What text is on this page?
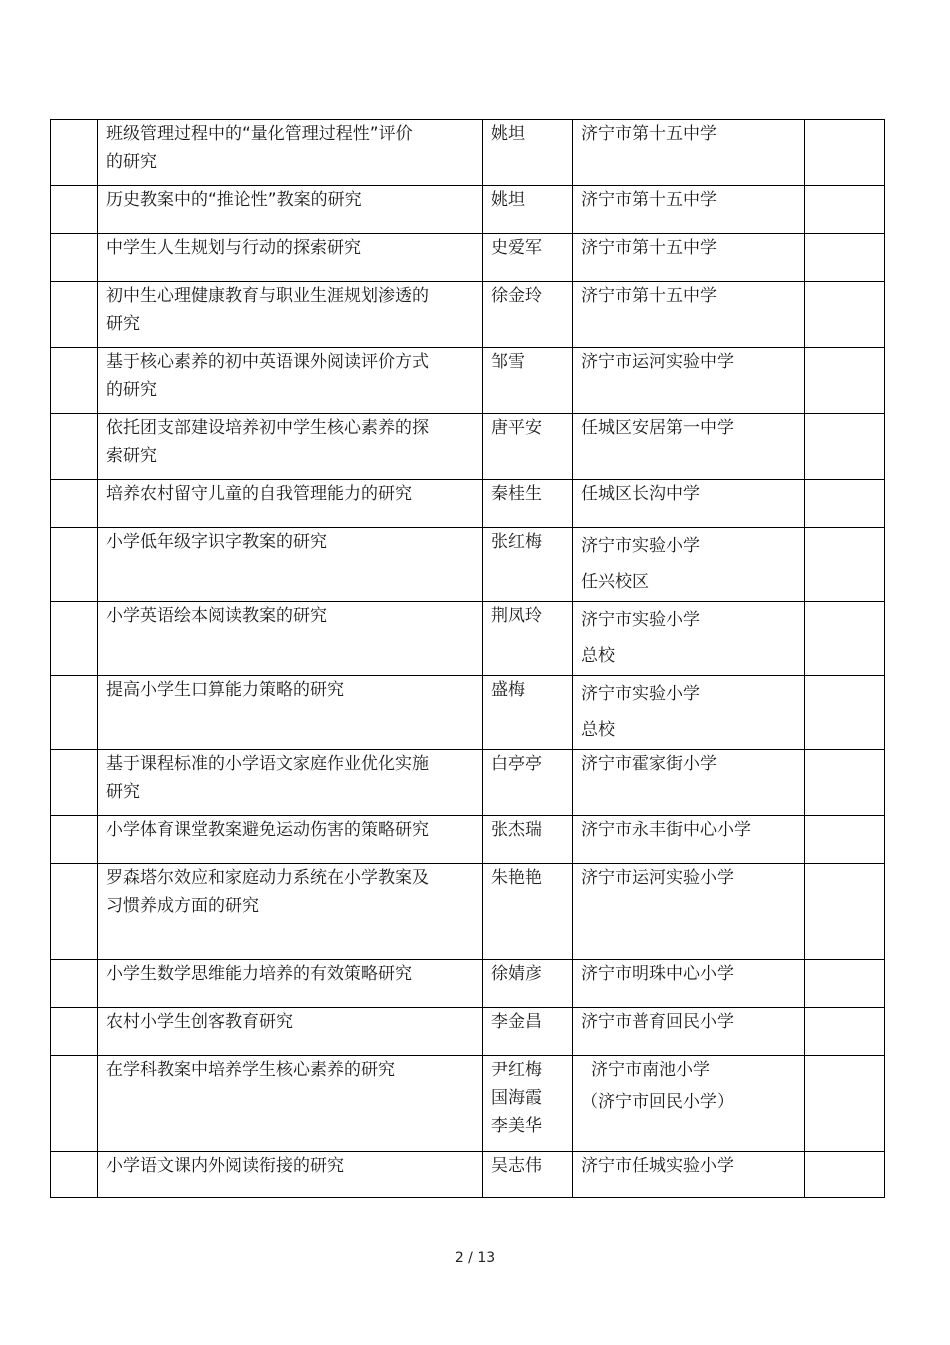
	班级管理过程中的“量化管理过程性”评价
的研究	姚坦	济宁市第十五中学	

	历史教案中的“推论性”教案的研究	姚坦	济宁市第十五中学	

	中学生人生规划与行动的探索研究	史爱军	济宁市第十五中学	

	初中生心理健康教育与职业生涯规划渗透的
研究	徐金玲	济宁市第十五中学	

	基于核心素养的初中英语课外阅读评价方式
的研究	邹雪	济宁市运河实验中学	

	依托团支部建设培养初中学生核心素养的探
索研究	唐平安	任城区安居第一中学	

	培养农村留守儿童的自我管理能力的研究	秦桂生	任城区长沟中学	

	小学低年级字识字教案的研究	张红梅	济宁市实验小学
任兴校区	

	小学英语绘本阅读教案的研究	荆凤玲	济宁市实验小学
总校	

	提高小学生口算能力策略的研究	盛梅	济宁市实验小学
总校	

	基于课程标准的小学语文家庭作业优化实施
研究	白亭亭	济宁市霍家街小学	

	小学体育课堂教案避免运动伤害的策略研究	张杰瑞	济宁市永丰街中心小学	

	罗森塔尔效应和家庭动力系统在小学教案及
习惯养成方面的研究	朱艳艳	济宁市运河实验小学	

	小学生数学思维能力培养的有效策略研究	徐婧彦	济宁市明珠中心小学	

	农村小学生创客教育研究	李金昌	济宁市普育回民小学	

	在学科教案中培养学生核心素养的研究	尹红梅
国海霞
李美华	济宁市南池小学
（济宁市回民小学）	

	小学语文课内外阅读衔接的研究	吴志伟	济宁市任城实验小学	

2 / 13
